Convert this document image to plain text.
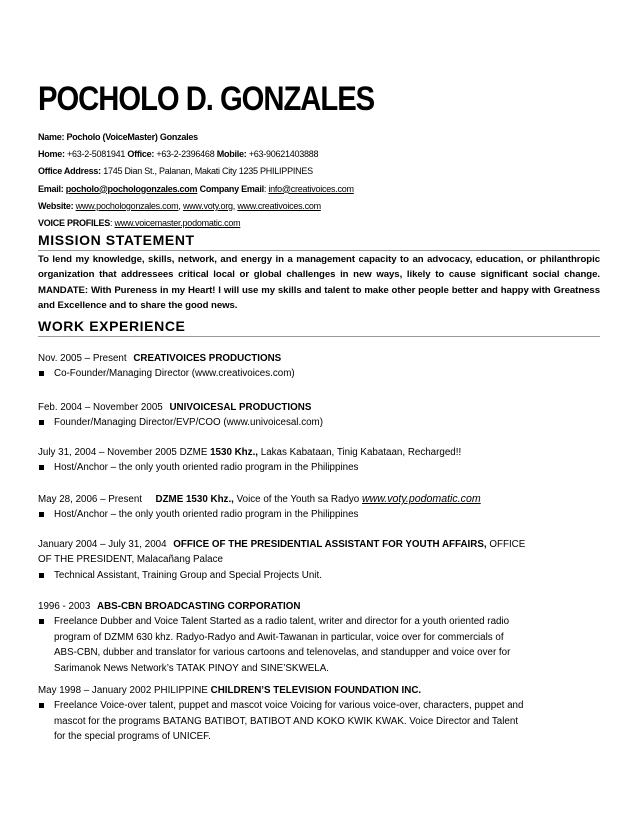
POCHOLO D. GONZALES
Name: Pocholo (VoiceMaster) Gonzales
Home: +63-2-5081941 Office: +63-2-2396468 Mobile: +63-90621403888
Office Address: 1745 Dian St., Palanan, Makati City 1235 PHILIPPINES
Email: pocholo@pochologonzales.com Company Email: info@creativoices.com
Website: www.pochologonzales.com, www.voty.org, www.creativoices.com
VOICE PROFILES: www.voicemaster.podomatic.com
MISSION STATEMENT
To lend my knowledge, skills, network, and energy in a management capacity to an advocacy, education, or philanthropic organization that addressees critical local or global challenges in new ways, likely to cause significant social change. MANDATE: With Pureness in my Heart! I will use my skills and talent to make other people better and happy with Greatness and Excellence and to share the good news.
WORK EXPERIENCE
Nov. 2005 – Present CREATIVOICES PRODUCTIONS
Co-Founder/Managing Director (www.creativoices.com)
Feb. 2004 – November 2005 UNIVOICESAL PRODUCTIONS
Founder/Managing Director/EVP/COO (www.univoicesal.com)
July 31, 2004 – November 2005 DZME 1530 Khz., Lakas Kabataan, Tinig Kabataan, Recharged!!
Host/Anchor – the only youth oriented radio program in the Philippines
May 28, 2006 – Present DZME 1530 Khz., Voice of the Youth sa Radyo www.voty.podomatic.com
Host/Anchor – the only youth oriented radio program in the Philippines
January 2004 – July 31, 2004 OFFICE OF THE PRESIDENTIAL ASSISTANT FOR YOUTH AFFAIRS, OFFICE
OF THE PRESIDENT, Malacañang Palace
Technical Assistant, Training Group and Special Projects Unit.
1996 - 2003 ABS-CBN BROADCASTING CORPORATION
Freelance Dubber and Voice Talent Started as a radio talent, writer and director for a youth oriented radio
program of DZMM 630 khz. Radyo-Radyo and Awit-Tawanan in particular, voice over for commercials of
ABS-CBN, dubber and translator for various cartoons and telenovelas, and standupper and voice over for
Sarimanok News Network’s TATAK PINOY and SINE’SKWELA.
May 1998 – January 2002 PHILIPPINE CHILDREN’S TELEVISION FOUNDATION INC.
Freelance Voice-over talent, puppet and mascot voice Voicing for various voice-over, characters, puppet and
mascot for the programs BATANG BATIBOT, BATIBOT AND KOKO KWIK KWAK. Voice Director and Talent
for the special programs of UNICEF.
